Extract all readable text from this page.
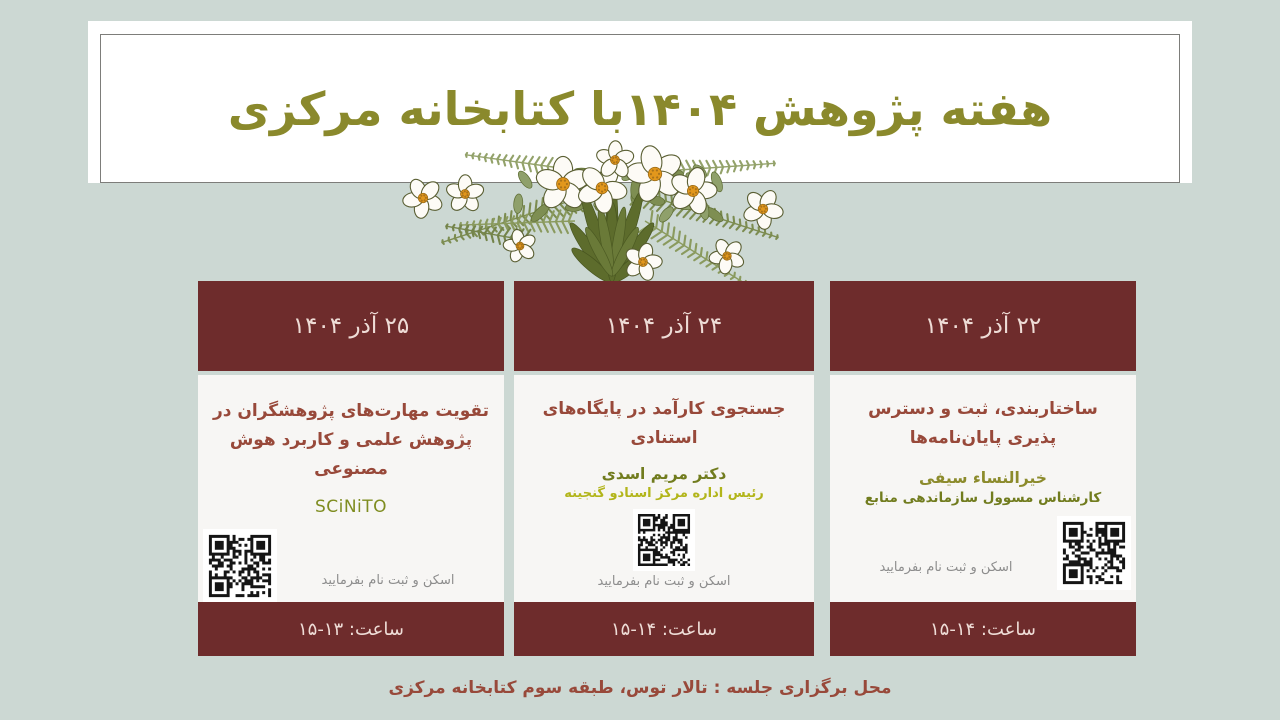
هفته پژوهش ۱۴۰۴با کتابخانه مرکزی
۲۵ آذر ۱۴۰۴
تقویت مهارت‌های پژوهشگران در پژوهش علمی و کاربرد هوش مصنوعی
SCiNiTO
اسکن و ثبت نام بفرمایید
ساعت: ۱۳-۱۵
۲۴ آذر ۱۴۰۴
جستجوی کارآمد در پایگاه‌های استنادی
دکتر مریم اسدی
رئیس اداره مرکز اسنادو گنجینه
اسکن و ثبت نام بفرمایید
ساعت: ۱۴-۱۵
۲۲ آذر ۱۴۰۴
ساختاربندی، ثبت و دسترس پذیری پایان‌نامه‌ها
خیرالنساء سیفی
کارشناس مسوول سازماندهی منابع
اسکن و ثبت نام بفرمایید
ساعت: ۱۴-۱۵
محل برگزاری جلسه : تالار توس، طبقه سوم کتابخانه مرکزی
